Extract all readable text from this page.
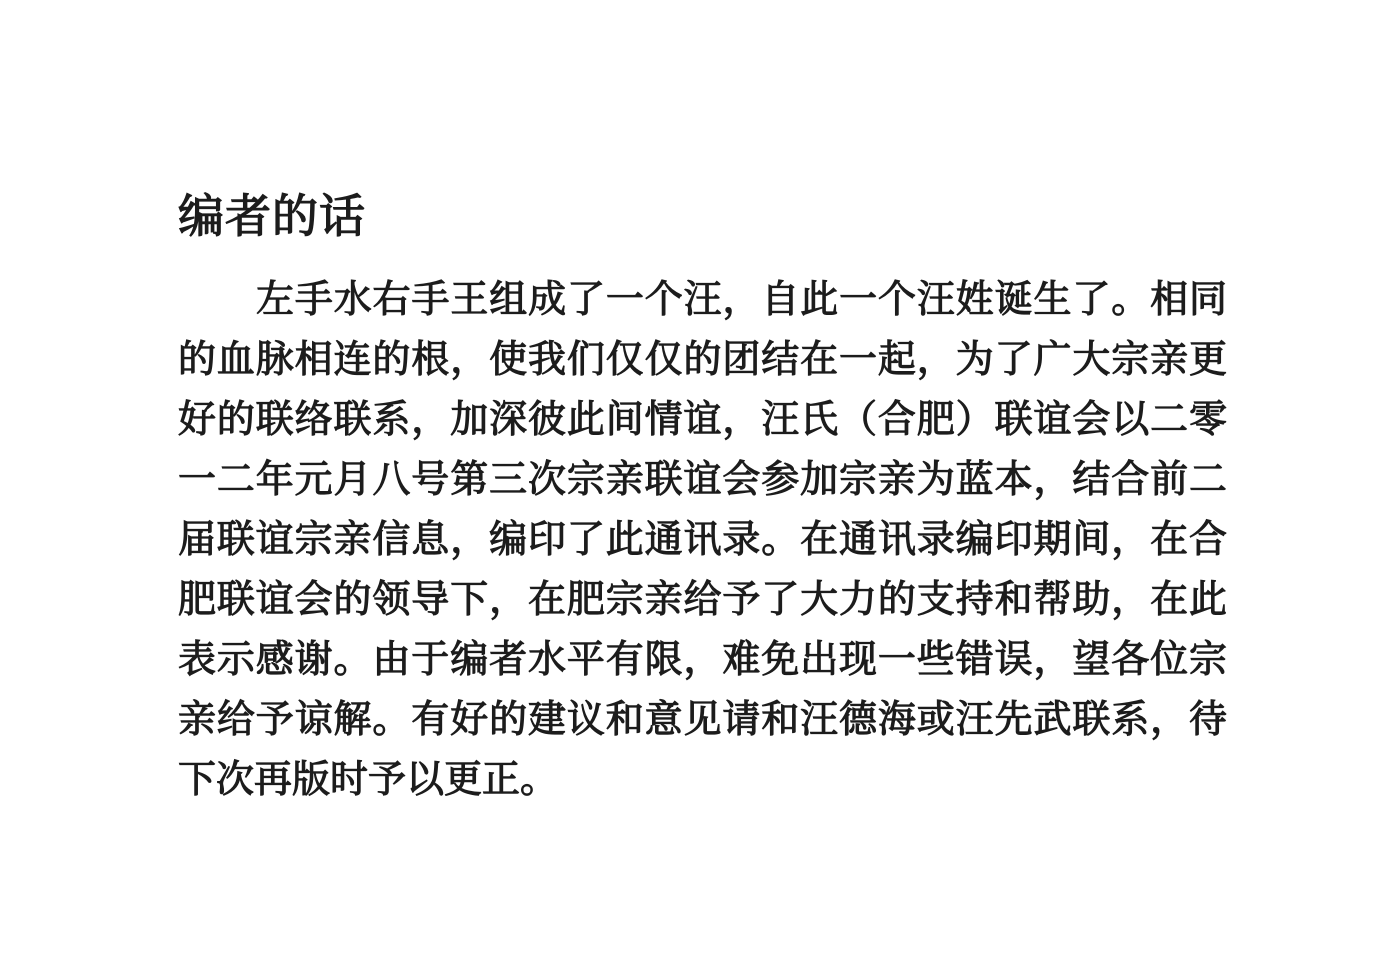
编者的话
左手水右手王组成了一个汪，自此一个汪姓诞生了。相同
的血脉相连的根，使我们仅仅的团结在一起，为了广大宗亲更
好的联络联系，加深彼此间情谊，汪氏（合肥）联谊会以二零
一二年元月八号第三次宗亲联谊会参加宗亲为蓝本，结合前二
届联谊宗亲信息，编印了此通讯录。在通讯录编印期间，在合
肥联谊会的领导下，在肥宗亲给予了大力的支持和帮助，在此
表示感谢。由于编者水平有限，难免出现一些错误，望各位宗
亲给予谅解。有好的建议和意见请和汪德海或汪先武联系，待
下次再版时予以更正。
